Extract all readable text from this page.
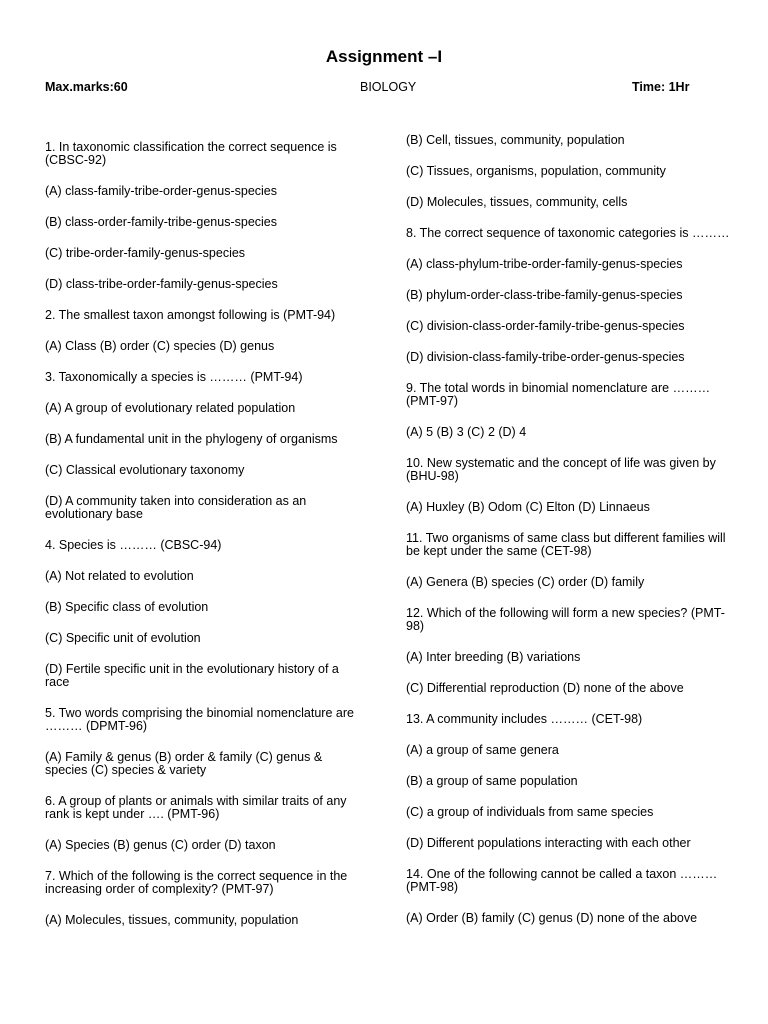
Assignment –I
Max.marks:60	BIOLOGY	Time: 1Hr

1. In taxonomic classification the correct sequence is (CBSC-92)

(A) class-family-tribe-order-genus-species

(B) class-order-family-tribe-genus-species

(C) tribe-order-family-genus-species

(D) class-tribe-order-family-genus-species

2. The smallest taxon amongst following is (PMT-94)

(A) Class (B) order (C) species (D) genus

3. Taxonomically a species is ……… (PMT-94)

(A) A group of evolutionary related population

(B) A fundamental unit in the phylogeny of organisms

(C) Classical evolutionary taxonomy

(D) A community taken into consideration as an evolutionary base

4. Species is ……… (CBSC-94)

(A) Not related to evolution

(B) Specific class of evolution

(C) Specific unit of evolution

(D) Fertile specific unit in the evolutionary history of a race

5. Two words comprising the binomial nomenclature are ……… (DPMT-96)

(A) Family & genus (B) order & family (C) genus & species (C) species & variety

6. A group of plants or animals with similar traits of any rank is kept under …. (PMT-96)

(A) Species (B) genus (C) order (D) taxon

7. Which of the following is the correct sequence in the increasing order of complexity? (PMT-97)

(A) Molecules, tissues, community, population

(B) Cell, tissues, community, population

(C) Tissues, organisms, population, community

(D) Molecules, tissues, community, cells

8. The correct sequence of taxonomic categories is ………

(A) class-phylum-tribe-order-family-genus-species

(B) phylum-order-class-tribe-family-genus-species

(C) division-class-order-family-tribe-genus-species

(D) division-class-family-tribe-order-genus-species

9. The total words in binomial nomenclature are ……… (PMT-97)

(A) 5 (B) 3 (C) 2 (D) 4

10. New systematic and the concept of life was given by (BHU-98)

(A) Huxley (B) Odom (C) Elton (D) Linnaeus

11. Two organisms of same class but different families will be kept under the same (CET-98)

(A) Genera (B) species (C) order (D) family

12. Which of the following will form a new species? (PMT-98)

(A) Inter breeding (B) variations

(C) Differential reproduction (D) none of the above

13. A community includes ……… (CET-98)

(A) a group of same genera

(B) a group of same population

(C) a group of individuals from same species

(D) Different populations interacting with each other

14. One of the following cannot be called a taxon ……… (PMT-98)

(A) Order (B) family (C) genus (D) none of the above
